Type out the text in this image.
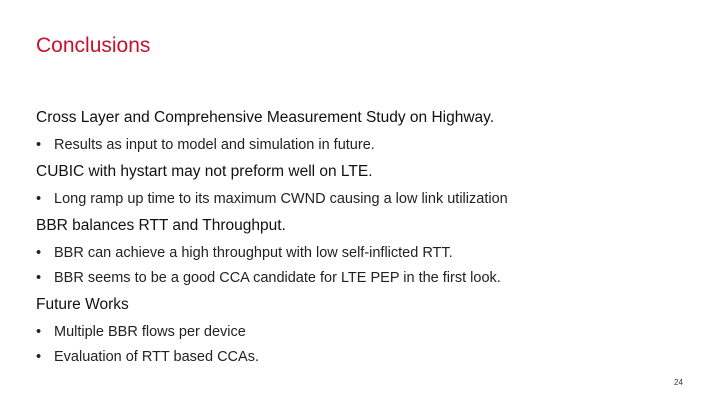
Conclusions
Cross Layer and Comprehensive Measurement Study on Highway.
• Results as input to model and simulation in future.
CUBIC with hystart may not preform well on LTE.
• Long ramp up time to its maximum CWND causing a low link utilization
BBR balances RTT and Throughput.
• BBR can achieve a high throughput with low self-inflicted RTT.
• BBR seems to be a good CCA candidate for LTE PEP in the first look.
Future Works
• Multiple BBR flows per device
• Evaluation of RTT based CCAs.
24
